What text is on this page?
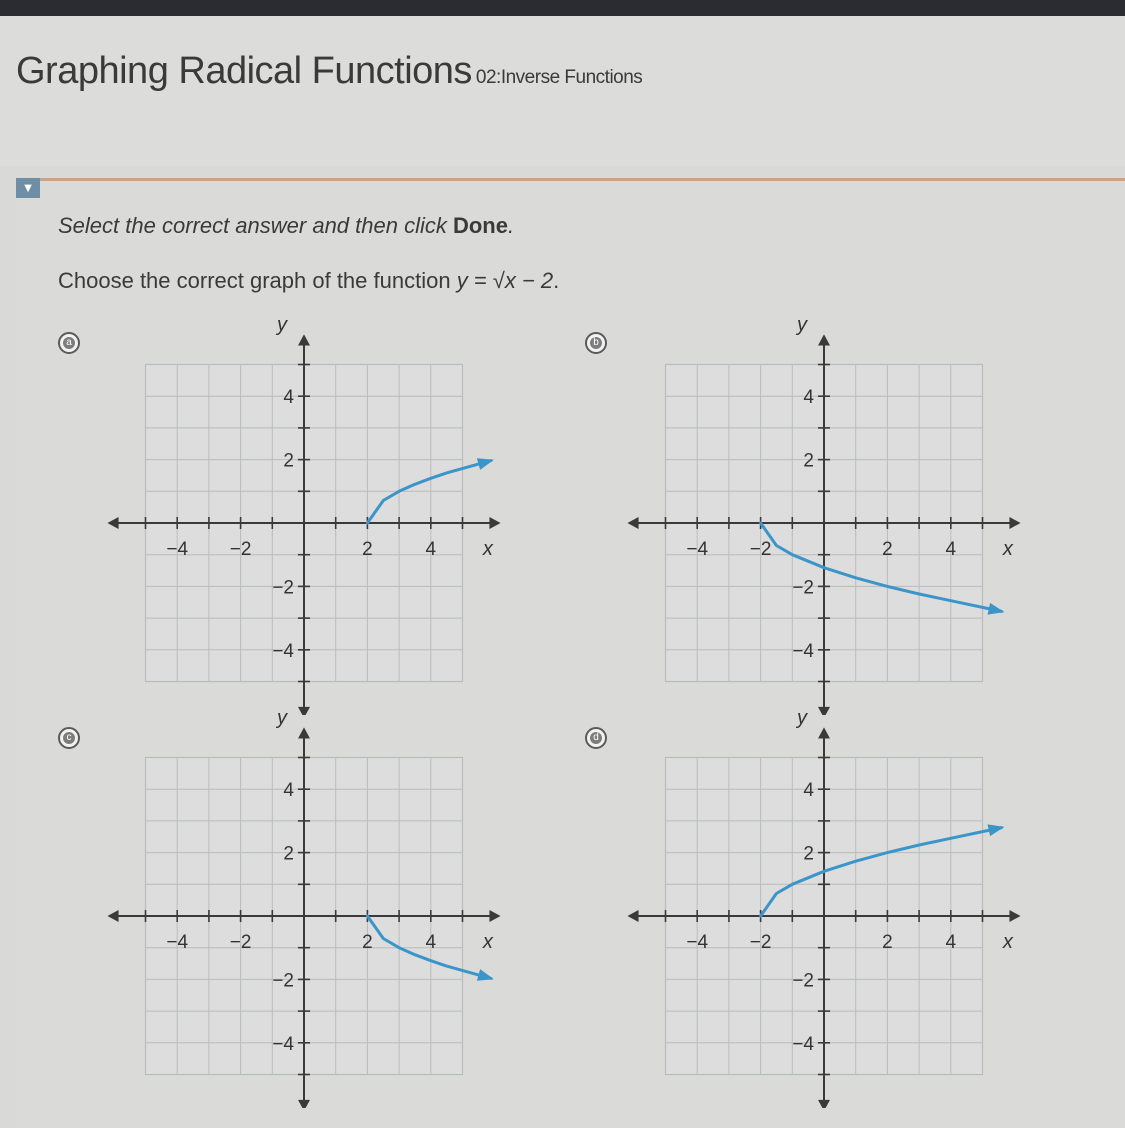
Graphing Radical Functions 02:Inverse Functions
▼
Select the correct answer and then click Done.
Choose the correct graph of the function y = √x − 2.
a	b
c	d
−4 −2	2	4
4
2
−2
−4
x
y
−4 −2	2	4
4
2
−2
−4
x
y
−4 −2	2	4
4
2
−2
−4
x
y
−4 −2	2	4
4
2
−2
−4
x
y
